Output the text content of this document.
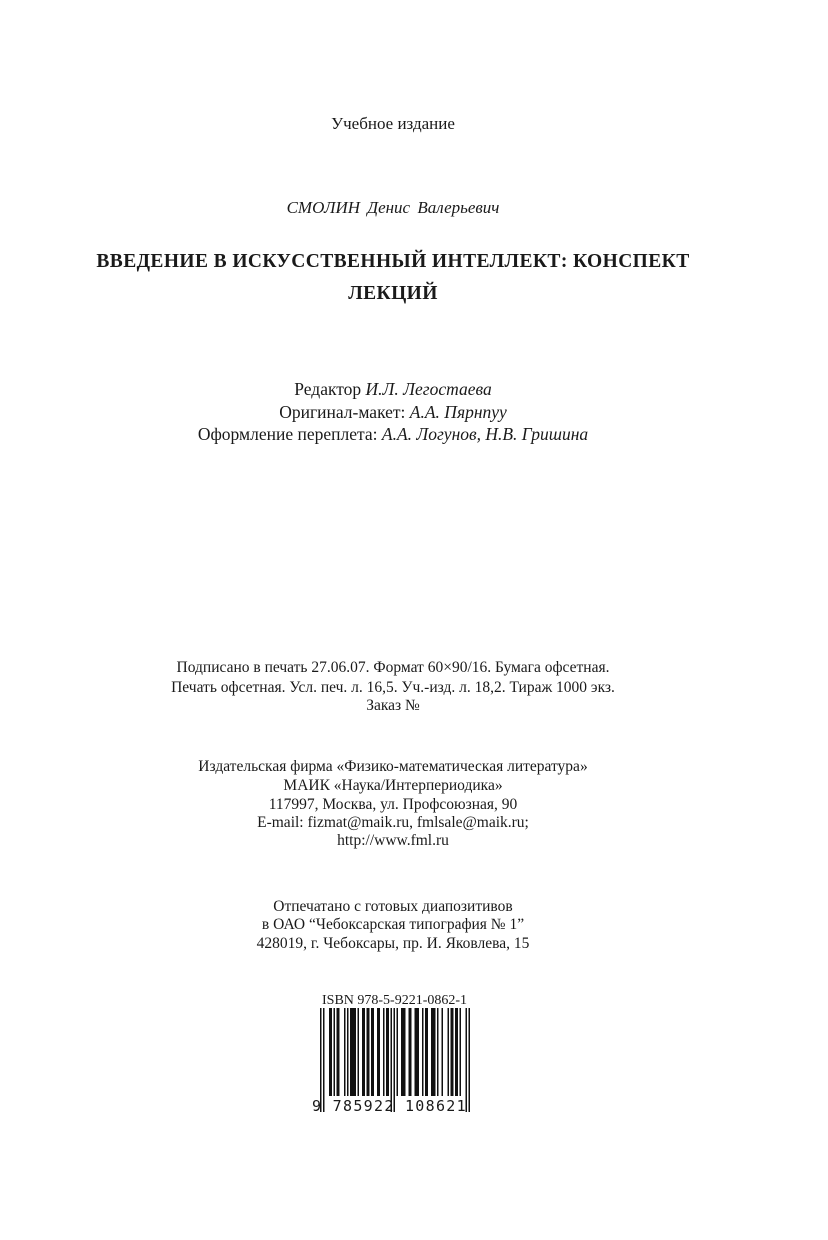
Учебное издание
СМОЛИН Денис Валерьевич
ВВЕДЕНИЕ В ИСКУССТВЕННЫЙ ИНТЕЛЛЕКТ: КОНСПЕКТ
ЛЕКЦИЙ
Редактор И.Л. Легостаева
Оригинал-макет: А.А. Пярнпуу
Оформление переплета: А.А. Логунов, Н.В. Гришина
Подписано в печать 27.06.07. Формат 60×90/16. Бумага офсетная.
Печать офсетная. Усл. печ. л. 16,5. Уч.-изд. л. 18,2. Тираж 1000 экз.
Заказ №
Издательская фирма «Физико-математическая литература»
МАИК «Наука/Интерпериодика»
117997, Москва, ул. Профсоюзная, 90
E-mail: fizmat@maik.ru, fmlsale@maik.ru;
http://www.fml.ru
Отпечатано с готовых диапозитивов
в ОАО “Чебоксарская типография № 1”
428019, г. Чебоксары, пр. И. Яковлева, 15
ISBN 978-5-9221-0862-1
9 785922 108621
